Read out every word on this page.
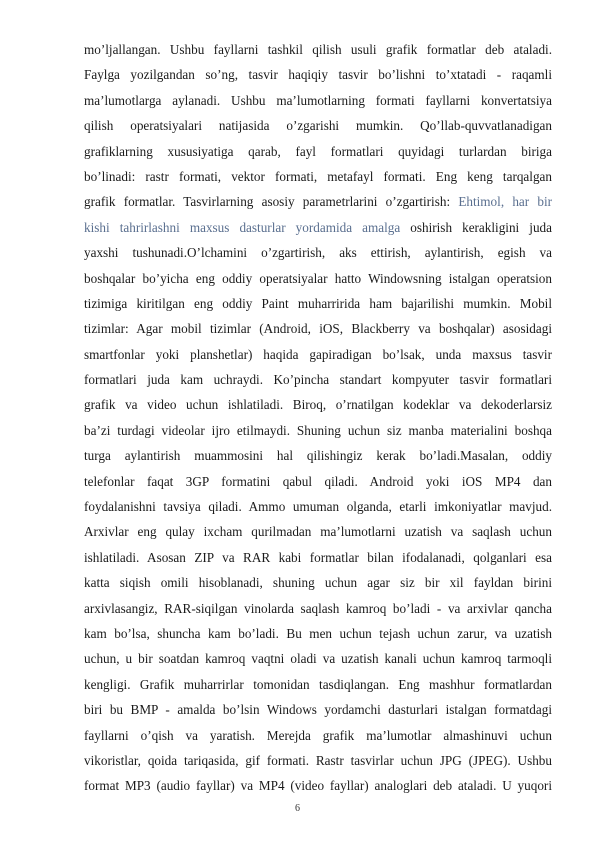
mo’ljallangan. Ushbu fayllarni tashkil qilish usuli grafik formatlar deb ataladi.
Faylga yozilgandan so’ng, tasvir haqiqiy tasvir bo’lishni to’xtatadi - raqamli
ma’lumotlarga aylanadi. Ushbu ma’lumotlarning formati fayllarni konvertatsiya
qilish operatsiyalari natijasida o’zgarishi mumkin. Qo’llab-quvvatlanadigan
grafiklarning xususiyatiga qarab, fayl formatlari quyidagi turlardan biriga
bo’linadi: rastr formati, vektor formati, metafayl formati. Eng keng tarqalgan
grafik formatlar. Tasvirlarning asosiy parametrlarini o’zgartirish: Ehtimol, har bir
kishi tahrirlashni maxsus dasturlar yordamida amalga oshirish kerakligini juda
yaxshi tushunadi.O’lchamini o’zgartirish, aks ettirish, aylantirish, egish va
boshqalar bo’yicha eng oddiy operatsiyalar hatto Windowsning istalgan operatsion
tizimiga kiritilgan eng oddiy Paint muharririda ham bajarilishi mumkin. Mobil
tizimlar: Agar mobil tizimlar (Android, iOS, Blackberry va boshqalar) asosidagi
smartfonlar yoki planshetlar) haqida gapiradigan bo’lsak, unda maxsus tasvir
formatlari juda kam uchraydi. Ko’pincha standart kompyuter tasvir formatlari
grafik va video uchun ishlatiladi. Biroq, o’rnatilgan kodeklar va dekoderlarsiz
ba’zi turdagi videolar ijro etilmaydi. Shuning uchun siz manba materialini boshqa
turga aylantirish muammosini hal qilishingiz kerak bo’ladi.Masalan, oddiy
telefonlar faqat 3GP formatini qabul qiladi. Android yoki iOS MP4 dan
foydalanishni tavsiya qiladi. Ammo umuman olganda, etarli imkoniyatlar mavjud.
Arxivlar eng qulay ixcham qurilmadan ma’lumotlarni uzatish va saqlash uchun
ishlatiladi. Asosan ZIP va RAR kabi formatlar bilan ifodalanadi, qolganlari esa
katta siqish omili hisoblanadi, shuning uchun agar siz bir xil fayldan birini
arxivlasangiz, RAR-siqilgan vinolarda saqlash kamroq bo’ladi - va arxivlar qancha
kam bo’lsa, shuncha kam bo’ladi. Bu men uchun tejash uchun zarur, va uzatish
uchun, u bir soatdan kamroq vaqtni oladi va uzatish kanali uchun kamroq tarmoqli
kengligi. Grafik muharrirlar tomonidan tasdiqlangan. Eng mashhur formatlardan
biri bu BMP - amalda bo’lsin Windows yordamchi dasturlari istalgan formatdagi
fayllarni o’qish va yaratish. Merejda grafik ma’lumotlar almashinuvi uchun
vikoristlar, qoida tariqasida, gif formati. Rastr tasvirlar uchun JPG (JPEG). Ushbu
format MP3 (audio fayllar) va MP4 (video fayllar) analoglari deb ataladi. U yuqori
6
